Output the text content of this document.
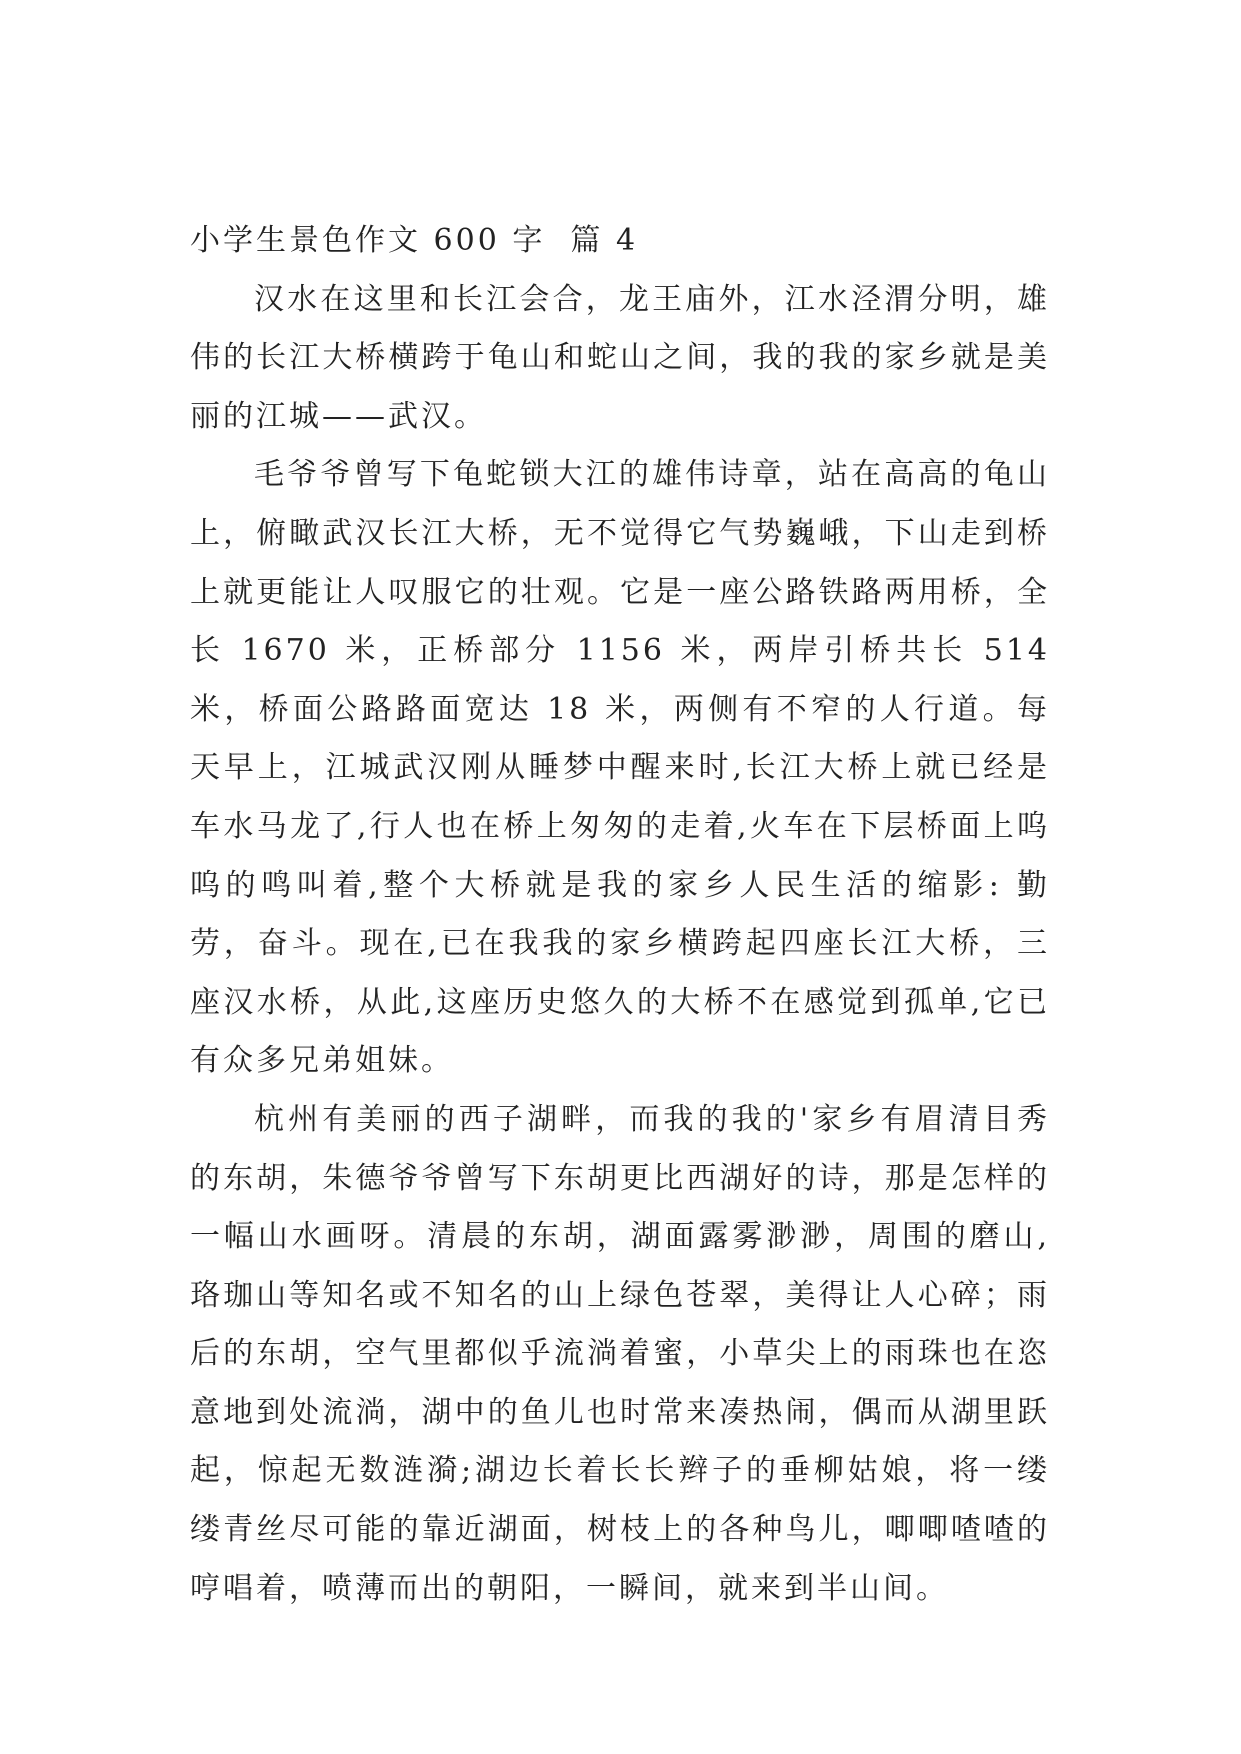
小学生景色作文 600 字  篇 4

汉水在这里和长江会合，龙王庙外，江水泾渭分明，雄伟的长江大桥横跨于龟山和蛇山之间，我的我的家乡就是美丽的江城——武汉。

毛爷爷曾写下龟蛇锁大江的雄伟诗章，站在高高的龟山上，俯瞰武汉长江大桥，无不觉得它气势巍峨，下山走到桥上就更能让人叹服它的壮观。它是一座公路铁路两用桥，全长 1670 米，正桥部分 1156 米，两岸引桥共长 514 米，桥面公路路面宽达 18 米，两侧有不窄的人行道。每天早上，江城武汉刚从睡梦中醒来时,长江大桥上就已经是车水马龙了,行人也在桥上匆匆的走着,火车在下层桥面上呜呜的鸣叫着,整个大桥就是我的家乡人民生活的缩影: 勤劳，奋斗。现在,已在我我的家乡横跨起四座长江大桥，三座汉水桥，从此,这座历史悠久的大桥不在感觉到孤单,它已有众多兄弟姐妹。

杭州有美丽的西子湖畔，而我的我的'家乡有眉清目秀的东胡，朱德爷爷曾写下东胡更比西湖好的诗，那是怎样的一幅山水画呀。清晨的东胡，湖面露雾渺渺，周围的磨山,珞珈山等知名或不知名的山上绿色苍翠，美得让人心碎；雨后的东胡，空气里都似乎流淌着蜜，小草尖上的雨珠也在恣意地到处流淌，湖中的鱼儿也时常来凑热闹，偶而从湖里跃起，惊起无数涟漪;湖边长着长长辫子的垂柳姑娘，将一缕缕青丝尽可能的靠近湖面，树枝上的各种鸟儿，唧唧喳喳的哼唱着，喷薄而出的朝阳，一瞬间，就来到半山间。
